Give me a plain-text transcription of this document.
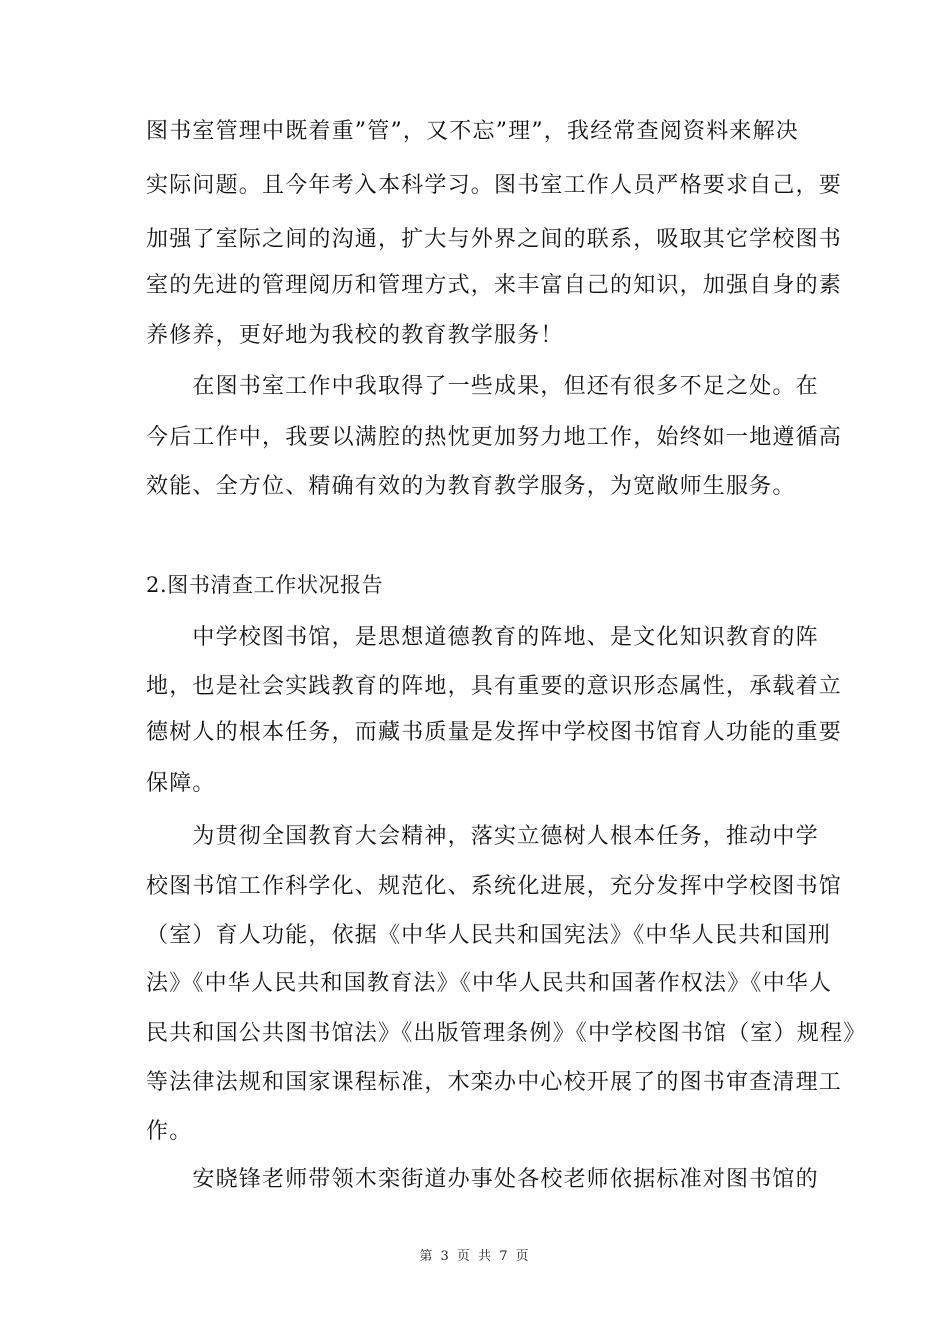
图书室管理中既着重”管”，又不忘”理”，我经常查阅资料来解决
实际问题。且今年考入本科学习。图书室工作人员严格要求自己，要
加强了室际之间的沟通，扩大与外界之间的联系，吸取其它学校图书
室的先进的管理阅历和管理方式，来丰富自己的知识，加强自身的素
养修养，更好地为我校的教育教学服务！
　　在图书室工作中我取得了一些成果，但还有很多不足之处。在
今后工作中，我要以满腔的热忱更加努力地工作，始终如一地遵循高
效能、全方位、精确有效的为教育教学服务，为宽敞师生服务。
2.图书清查工作状况报告
　　中学校图书馆，是思想道德教育的阵地、是文化知识教育的阵
地，也是社会实践教育的阵地，具有重要的意识形态属性，承载着立
德树人的根本任务，而藏书质量是发挥中学校图书馆育人功能的重要
保障。
　　为贯彻全国教育大会精神，落实立德树人根本任务，推动中学
校图书馆工作科学化、规范化、系统化进展，充分发挥中学校图书馆
（室）育人功能，依据《中华人民共和国宪法》《中华人民共和国刑
法》《中华人民共和国教育法》《中华人民共和国著作权法》《中华人
民共和国公共图书馆法》《出版管理条例》《中学校图书馆（室）规程》
等法律法规和国家课程标准，木栾办中心校开展了的图书审查清理工
作。
　　安晓锋老师带领木栾街道办事处各校老师依据标准对图书馆的
第 3 页 共 7 页
